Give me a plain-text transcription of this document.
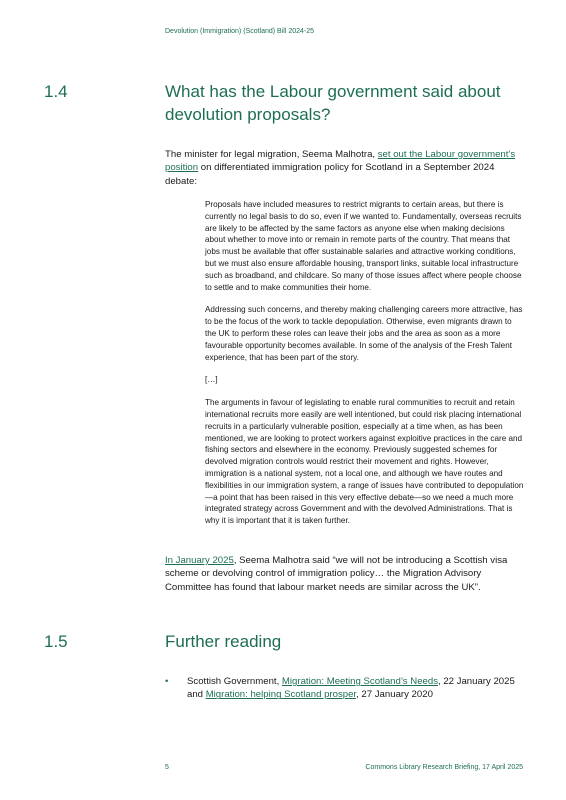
Devolution (Immigration) (Scotland) Bill 2024-25
1.4	What has the Labour government said about devolution proposals?

The minister for legal migration, Seema Malhotra, set out the Labour government’s position on differentiated immigration policy for Scotland in a September 2024 debate:

Proposals have included measures to restrict migrants to certain areas, but there is currently no legal basis to do so, even if we wanted to. Fundamentally, overseas recruits are likely to be affected by the same factors as anyone else when making decisions about whether to move into or remain in remote parts of the country. That means that jobs must be available that offer sustainable salaries and attractive working conditions, but we must also ensure affordable housing, transport links, suitable local infrastructure such as broadband, and childcare. So many of those issues affect where people choose to settle and to make communities their home.

Addressing such concerns, and thereby making challenging careers more attractive, has to be the focus of the work to tackle depopulation. Otherwise, even migrants drawn to the UK to perform these roles can leave their jobs and the area as soon as a more favourable opportunity becomes available. In some of the analysis of the Fresh Talent experience, that has been part of the story.

[…]

The arguments in favour of legislating to enable rural communities to recruit and retain international recruits more easily are well intentioned, but could risk placing international recruits in a particularly vulnerable position, especially at a time when, as has been mentioned, we are looking to protect workers against exploitive practices in the care and fishing sectors and elsewhere in the economy. Previously suggested schemes for devolved migration controls would restrict their movement and rights. However, immigration is a national system, not a local one, and although we have routes and flexibilities in our immigration system, a range of issues have contributed to depopulation—a point that has been raised in this very effective debate—so we need a much more integrated strategy across Government and with the devolved Administrations. That is why it is important that it is taken further.

In January 2025, Seema Malhotra said “we will not be introducing a Scottish visa scheme or devolving control of immigration policy… the Migration Advisory Committee has found that labour market needs are similar across the UK”.

1.5	Further reading
• Scottish Government, Migration: Meeting Scotland’s Needs, 22 January 2025 and Migration: helping Scotland prosper, 27 January 2020
5	Commons Library Research Briefing, 17 April 2025
